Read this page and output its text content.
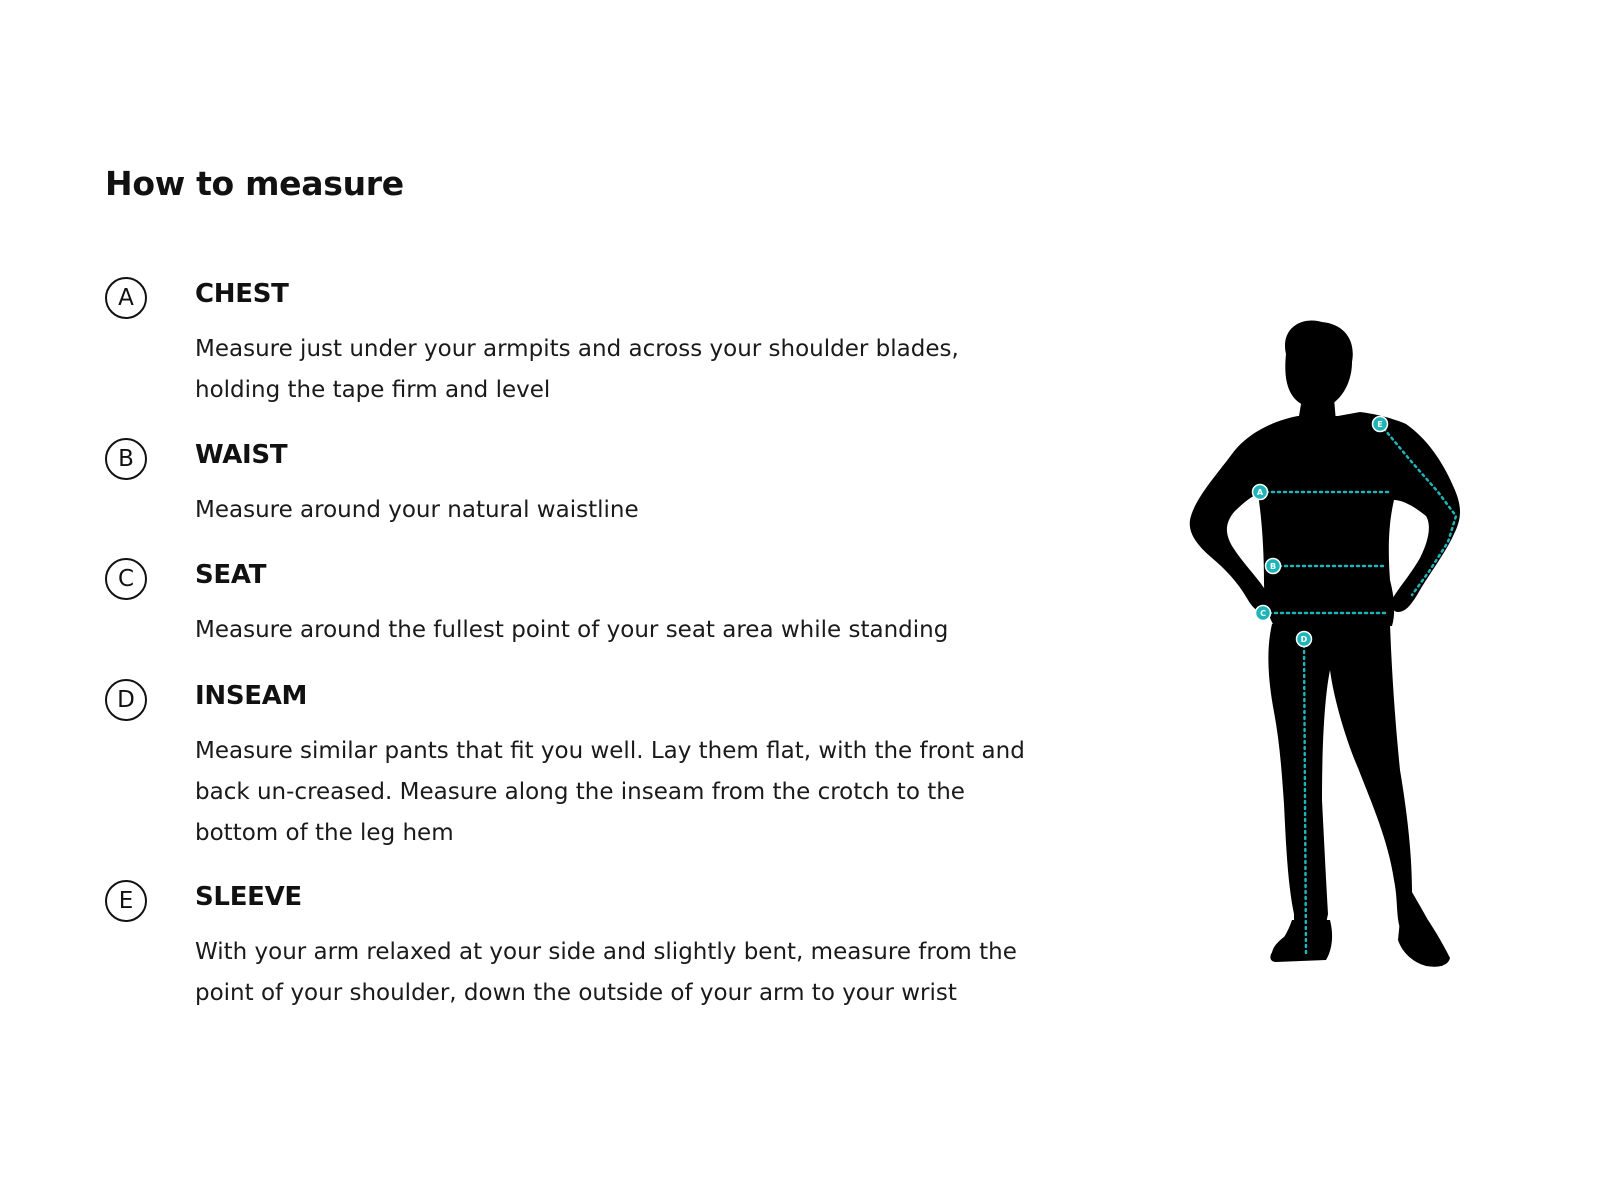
How to measure
A	CHEST

Measure just under your armpits and across your shoulder blades, holding the tape firm and level

B	WAIST

Measure around your natural waistline

C	SEAT

Measure around the fullest point of your seat area while standing

D	INSEAM

Measure similar pants that fit you well. Lay them flat, with the front and back un-creased. Measure along the inseam from the crotch to the bottom of the leg hem

E	SLEEVE

With your arm relaxed at your side and slightly bent, measure from the point of your shoulder, down the outside of your arm to your wrist

A
B
C
D
E
